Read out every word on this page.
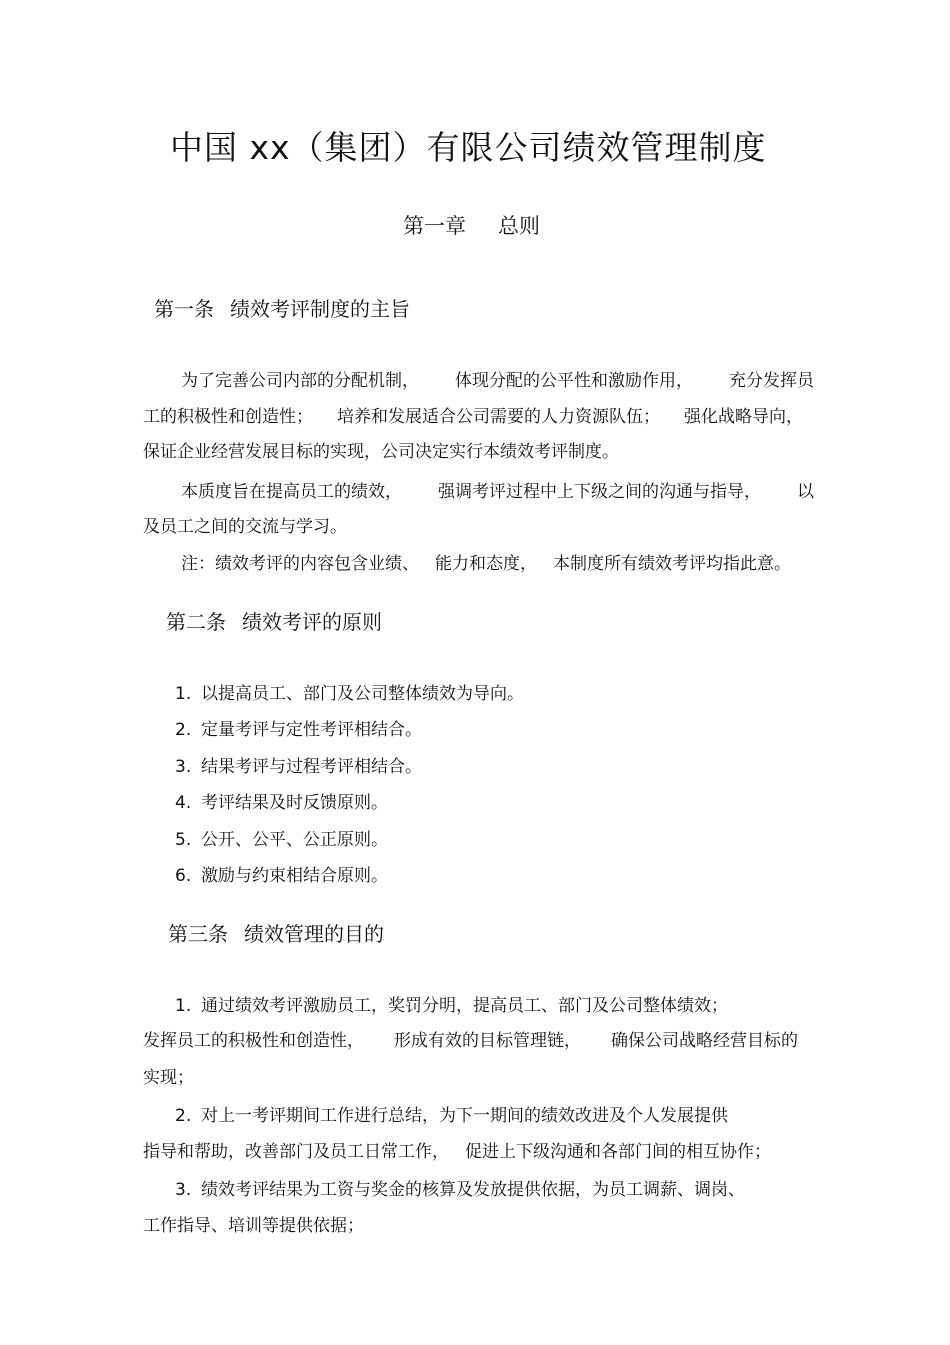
中国 xx（集团）有限公司绩效管理制度
第一章 总则
第一条 绩效考评制度的主旨
为了完善公司内部的分配机制， 体现分配的公平性和激励作用， 充分发挥员
工的积极性和创造性； 培养和发展适合公司需要的人力资源队伍； 强化战略导向，
保证企业经营发展目标的实现，公司决定实行本绩效考评制度。
本质度旨在提高员工的绩效， 强调考评过程中上下级之间的沟通与指导， 以
及员工之间的交流与学习。
注：绩效考评的内容包含业绩、 能力和态度， 本制度所有绩效考评均指此意。
第二条 绩效考评的原则
1. 以提高员工、部门及公司整体绩效为导向。
2. 定量考评与定性考评相结合。
3. 结果考评与过程考评相结合。
4. 考评结果及时反馈原则。
5. 公开、公平、公正原则。
6. 激励与约束相结合原则。
第三条 绩效管理的目的
1. 通过绩效考评激励员工，奖罚分明，提高员工、部门及公司整体绩效；
发挥员工的积极性和创造性， 形成有效的目标管理链， 确保公司战略经营目标的
实现；
2. 对上一考评期间工作进行总结，为下一期间的绩效改进及个人发展提供
指导和帮助，改善部门及员工日常工作， 促进上下级沟通和各部门间的相互协作；
3. 绩效考评结果为工资与奖金的核算及发放提供依据，为员工调薪、调岗、
工作指导、培训等提供依据；
